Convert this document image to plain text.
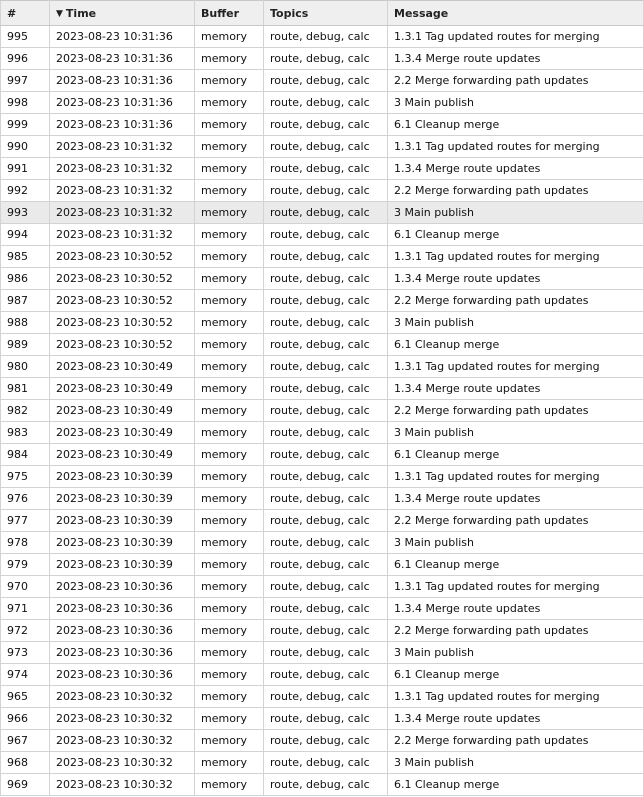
#	▼ Time	Buffer	Topics	Message
995	2023-08-23 10:31:36	memory	route, debug, calc	1.3.1 Tag updated routes for merging
996	2023-08-23 10:31:36	memory	route, debug, calc	1.3.4 Merge route updates
997	2023-08-23 10:31:36	memory	route, debug, calc	2.2 Merge forwarding path updates
998	2023-08-23 10:31:36	memory	route, debug, calc	3 Main publish
999	2023-08-23 10:31:36	memory	route, debug, calc	6.1 Cleanup merge
990	2023-08-23 10:31:32	memory	route, debug, calc	1.3.1 Tag updated routes for merging
991	2023-08-23 10:31:32	memory	route, debug, calc	1.3.4 Merge route updates
992	2023-08-23 10:31:32	memory	route, debug, calc	2.2 Merge forwarding path updates
993	2023-08-23 10:31:32	memory	route, debug, calc	3 Main publish
994	2023-08-23 10:31:32	memory	route, debug, calc	6.1 Cleanup merge
985	2023-08-23 10:30:52	memory	route, debug, calc	1.3.1 Tag updated routes for merging
986	2023-08-23 10:30:52	memory	route, debug, calc	1.3.4 Merge route updates
987	2023-08-23 10:30:52	memory	route, debug, calc	2.2 Merge forwarding path updates
988	2023-08-23 10:30:52	memory	route, debug, calc	3 Main publish
989	2023-08-23 10:30:52	memory	route, debug, calc	6.1 Cleanup merge
980	2023-08-23 10:30:49	memory	route, debug, calc	1.3.1 Tag updated routes for merging
981	2023-08-23 10:30:49	memory	route, debug, calc	1.3.4 Merge route updates
982	2023-08-23 10:30:49	memory	route, debug, calc	2.2 Merge forwarding path updates
983	2023-08-23 10:30:49	memory	route, debug, calc	3 Main publish
984	2023-08-23 10:30:49	memory	route, debug, calc	6.1 Cleanup merge
975	2023-08-23 10:30:39	memory	route, debug, calc	1.3.1 Tag updated routes for merging
976	2023-08-23 10:30:39	memory	route, debug, calc	1.3.4 Merge route updates
977	2023-08-23 10:30:39	memory	route, debug, calc	2.2 Merge forwarding path updates
978	2023-08-23 10:30:39	memory	route, debug, calc	3 Main publish
979	2023-08-23 10:30:39	memory	route, debug, calc	6.1 Cleanup merge
970	2023-08-23 10:30:36	memory	route, debug, calc	1.3.1 Tag updated routes for merging
971	2023-08-23 10:30:36	memory	route, debug, calc	1.3.4 Merge route updates
972	2023-08-23 10:30:36	memory	route, debug, calc	2.2 Merge forwarding path updates
973	2023-08-23 10:30:36	memory	route, debug, calc	3 Main publish
974	2023-08-23 10:30:36	memory	route, debug, calc	6.1 Cleanup merge
965	2023-08-23 10:30:32	memory	route, debug, calc	1.3.1 Tag updated routes for merging
966	2023-08-23 10:30:32	memory	route, debug, calc	1.3.4 Merge route updates
967	2023-08-23 10:30:32	memory	route, debug, calc	2.2 Merge forwarding path updates
968	2023-08-23 10:30:32	memory	route, debug, calc	3 Main publish
969	2023-08-23 10:30:32	memory	route, debug, calc	6.1 Cleanup merge
